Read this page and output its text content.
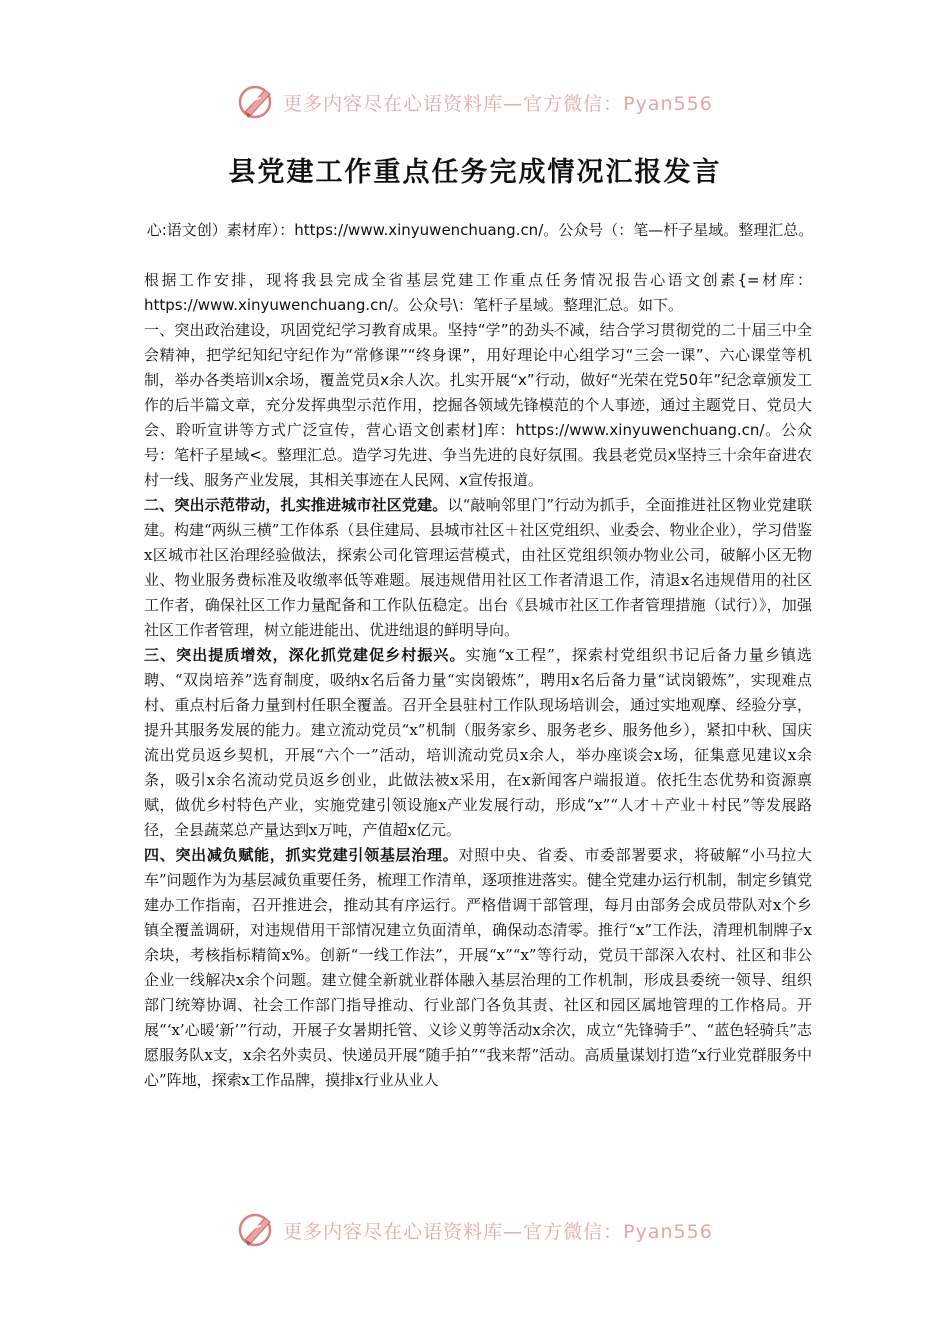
更多内容尽在心语资料库—官方微信：Pyan556
县党建工作重点任务完成情况汇报发言
心:语文创）素材库）：https://www.xinyuwenchuang.cn/。公众号（：笔—杆子星域。整理汇总。

根据工作安排，现将我县完成全省基层党建工作重点任务情况报告心语文创素{=材库：https://www.xinyuwenchuang.cn/。公众号\：笔杆子星域。整理汇总。如下。

一、突出政治建设，巩固党纪学习教育成果。坚持“学”的劲头不减，结合学习贯彻党的二十届三中全会精神，把学纪知纪守纪作为“常修课”“终身课”，用好理论中心组学习“三会一课”、六心课堂等机制，举办各类培训x余场，覆盖党员x余人次。扎实开展“x”行动，做好“光荣在党50年”纪念章颁发工作的后半篇文章，充分发挥典型示范作用，挖掘各领域先锋模范的个人事迹，通过主题党日、党员大会、聆听宣讲等方式广泛宣传，营心语文创素材]库：https://www.xinyuwenchuang.cn/。公众号：笔杆子星域<。整理汇总。造学习先进、争当先进的良好氛围。我县老党员x坚持三十余年奋进农村一线、服务产业发展，其相关事迹在人民网、x宣传报道。

二、突出示范带动，扎实推进城市社区党建。以“敲响邻里门”行动为抓手，全面推进社区物业党建联建。构建“两纵三横”工作体系（县住建局、县城市社区＋社区党组织、业委会、物业企业），学习借鉴x区城市社区治理经验做法，探索公司化管理运营模式，由社区党组织领办物业公司，破解小区无物业、物业服务费标准及收缴率低等难题。展违规借用社区工作者清退工作，清退x名违规借用的社区工作者，确保社区工作力量配备和工作队伍稳定。出台《县城市社区工作者管理措施（试行）》，加强社区工作者管理，树立能进能出、优进绌退的鲜明导向。

三、突出提质增效，深化抓党建促乡村振兴。实施“x工程”，探索村党组织书记后备力量乡镇选聘、“双岗培养”选育制度，吸纳x名后备力量“实岗锻炼”，聘用x名后备力量“试岗锻炼”，实现难点村、重点村后备力量到村任职全覆盖。召开全县驻村工作队现场培训会，通过实地观摩、经验分享，提升其服务发展的能力。建立流动党员“x”机制（服务家乡、服务老乡、服务他乡），紧扣中秋、国庆流出党员返乡契机，开展“六个一”活动，培训流动党员x余人，举办座谈会x场，征集意见建议x余条，吸引x余名流动党员返乡创业，此做法被x采用，在x新闻客户端报道。依托生态优势和资源禀赋，做优乡村特色产业，实施党建引领设施x产业发展行动，形成“x”“人才＋产业＋村民”等发展路径，全县蔬菜总产量达到x万吨，产值超x亿元。

四、突出减负赋能，抓实党建引领基层治理。对照中央、省委、市委部署要求，将破解“小马拉大车”问题作为为基层减负重要任务，梳理工作清单，逐项推进落实。健全党建办运行机制，制定乡镇党建办工作指南，召开推进会，推动其有序运行。严格借调干部管理，每月由部务会成员带队对x个乡镇全覆盖调研，对违规借用干部情况建立负面清单，确保动态清零。推行“x”工作法，清理机制牌子x余块，考核指标精简x%。创新“一线工作法”，开展“x”“x”等行动，党员干部深入农村、社区和非公企业一线解决x余个问题。建立健全新就业群体融入基层治理的工作机制，形成县委统一领导、组织部门统筹协调、社会工作部门指导推动、行业部门各负其责、社区和园区属地管理的工作格局。开展“‘x’心暖‘新’”行动，开展子女暑期托管、义诊义剪等活动x余次，成立“先锋骑手”、“蓝色轻骑兵”志愿服务队x支，x余名外卖员、快递员开展“随手拍”“我来帮”活动。高质量谋划打造“x行业党群服务中心”阵地，探索x工作品牌，摸排x行业从业人

更多内容尽在心语资料库—官方微信：Pyan556
